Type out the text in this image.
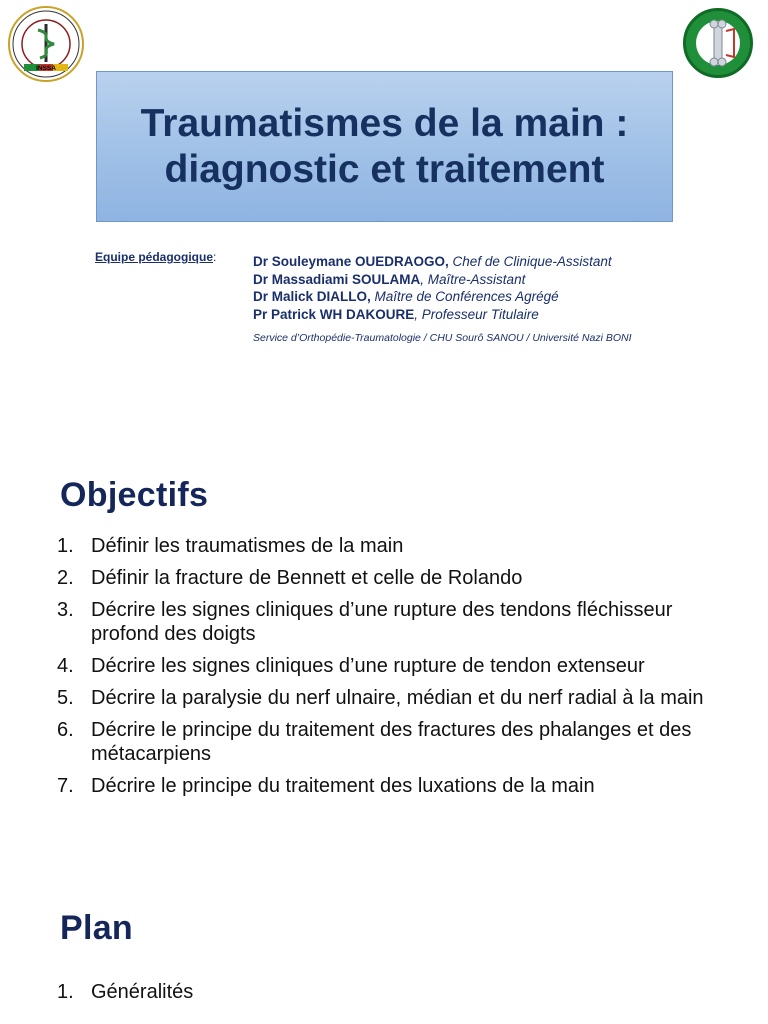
INSSA
Traumatismes de la main :
diagnostic et traitement
Equipe pédagogique:	Dr Souleymane OUEDRAOGO, Chef de Clinique-Assistant
Dr Massadiami SOULAMA, Maître-Assistant
Dr Malick DIALLO, Maître de Conférences Agrégé
Pr Patrick WH DAKOURE, Professeur Titulaire
Service d’Orthopédie-Traumatologie / CHU Sourô SANOU / Université Nazi BONI
Objectifs
1. Définir les traumatismes de la main
2. Définir la fracture de Bennett et celle de Rolando
3. Décrire les signes cliniques d’une rupture des tendons fléchisseur profond des doigts
4. Décrire les signes cliniques d’une rupture de tendon extenseur
5. Décrire la paralysie du nerf ulnaire, médian et du nerf radial à la main
6. Décrire le principe du traitement des fractures des phalanges et des métacarpiens
7. Décrire le principe du traitement des luxations de la main
Plan
1. Généralités
